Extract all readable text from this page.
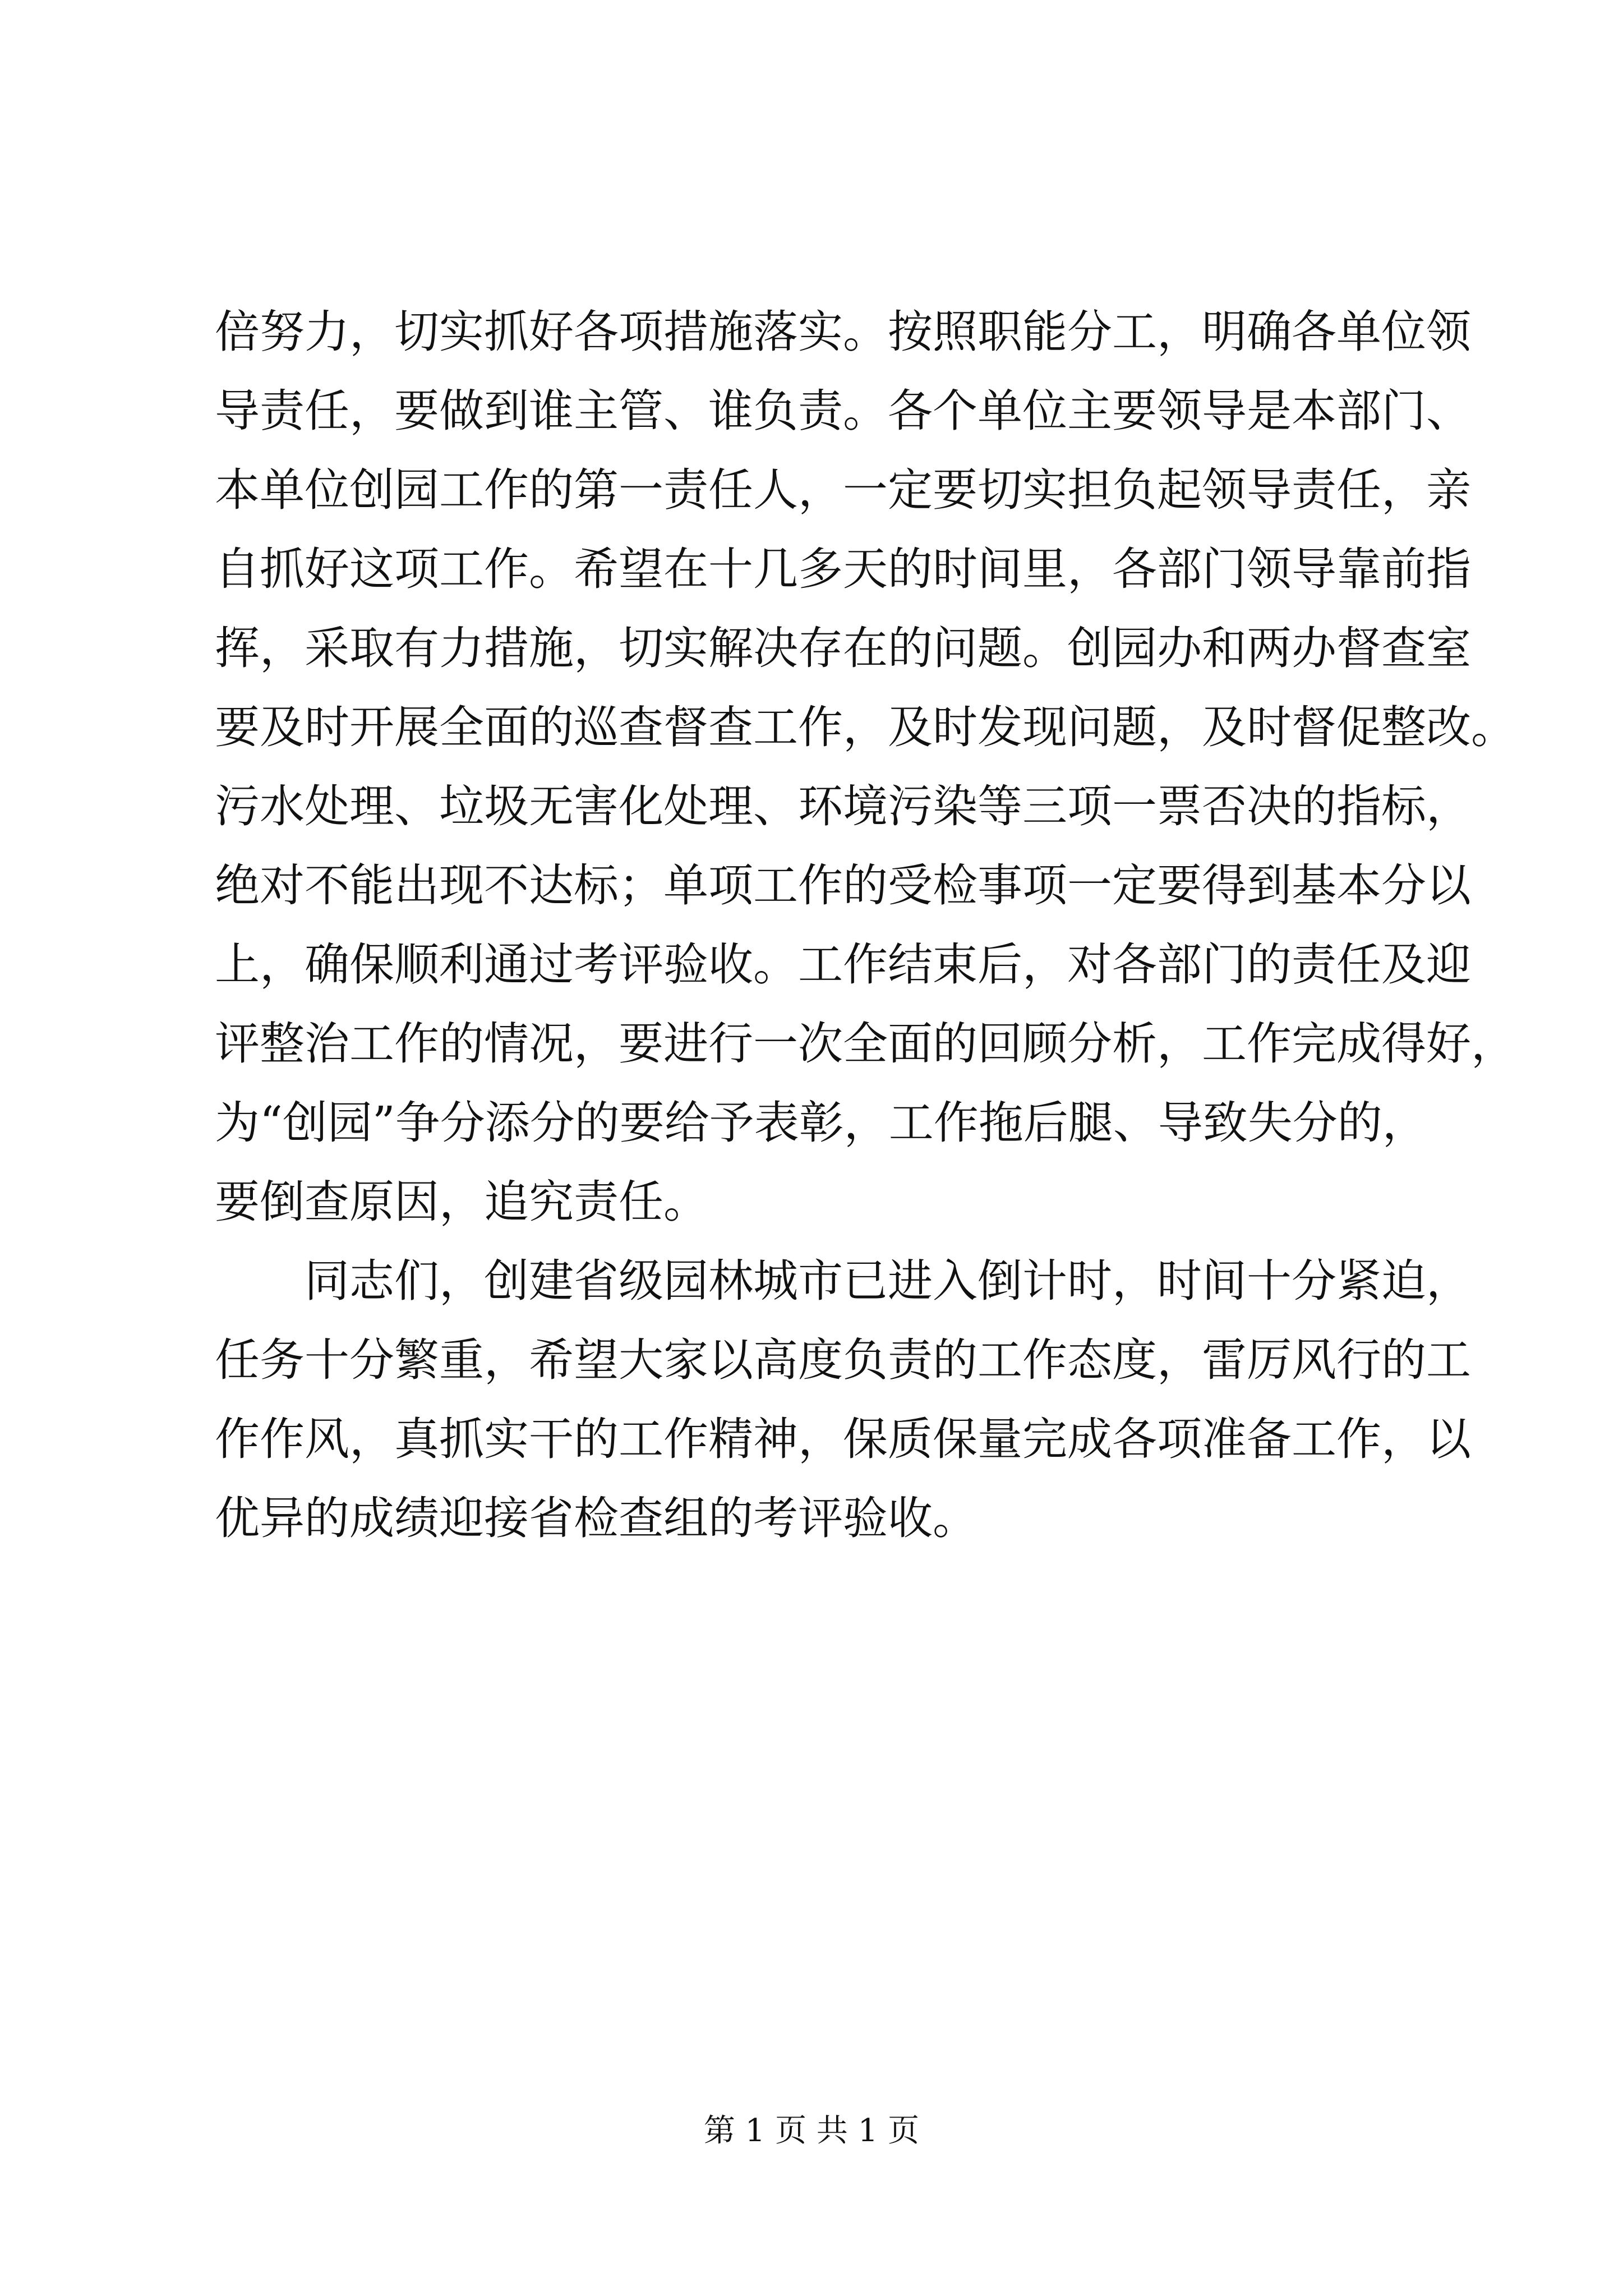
倍努力，切实抓好各项措施落实。按照职能分工，明确各单位领
导责任，要做到谁主管、谁负责。各个单位主要领导是本部门、
本单位创园工作的第一责任人，一定要切实担负起领导责任，亲
自抓好这项工作。希望在十几多天的时间里，各部门领导靠前指
挥，采取有力措施，切实解决存在的问题。创园办和两办督查室
要及时开展全面的巡查督查工作，及时发现问题，及时督促整改。
污水处理、垃圾无害化处理、环境污染等三项一票否决的指标，
绝对不能出现不达标；单项工作的受检事项一定要得到基本分以
上，确保顺利通过考评验收。工作结束后，对各部门的责任及迎
评整治工作的情况，要进行一次全面的回顾分析，工作完成得好，
为“创园”争分添分的要给予表彰，工作拖后腿、导致失分的，
要倒查原因，追究责任。
同志们，创建省级园林城市已进入倒计时，时间十分紧迫，
任务十分繁重，希望大家以高度负责的工作态度，雷厉风行的工
作作风，真抓实干的工作精神，保质保量完成各项准备工作，以
优异的成绩迎接省检查组的考评验收。
第 1 页 共 1 页
